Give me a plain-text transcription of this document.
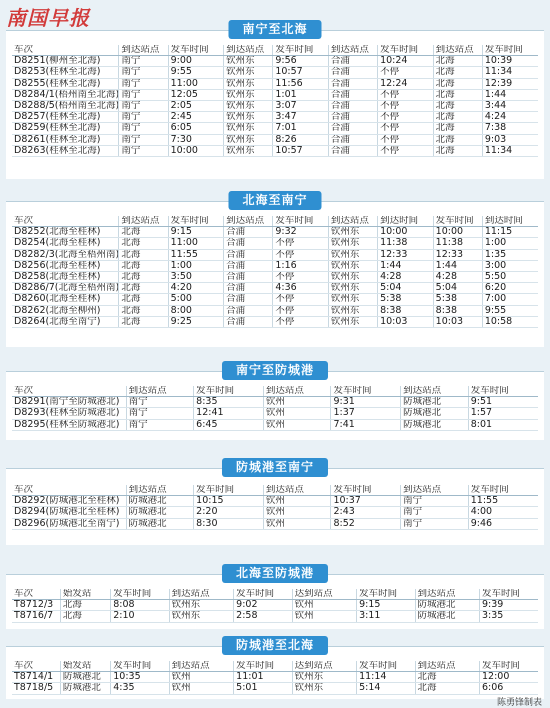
南国早报	南宁至北海
车次	到达站点	发车时间	到达站点	发车时间	到达站点	发车时间	到达站点	发车时间
D8251(柳州至北海)	南宁	9:00	钦州东	9:56	合浦	10:24	北海	10:39
D8253(桂林至北海)	南宁	9:55	钦州东	10:57	合浦	不停	北海	11:34
D8255(桂林至北海)	南宁	11:00	钦州东	11:56	合浦	12:24	北海	12:39
D8284/1(梧州南至北海)	南宁	12:05	钦州东	1:01	合浦	不停	北海	1:44
D8288/5(梧州南至北海)	南宁	2:05	钦州东	3:07	合浦	不停	北海	3:44
D8257(桂林至北海)	南宁	2:45	钦州东	3:47	合浦	不停	北海	4:24
D8259(桂林至北海)	南宁	6:05	钦州东	7:01	合浦	不停	北海	7:38
D8261(桂林至北海)	南宁	7:30	钦州东	8:26	合浦	不停	北海	9:03
D8263(桂林至北海)	南宁	10:00	钦州东	10:57	合浦	不停	北海	11:34
北海至南宁
车次	到达站点	发车时间	到达站点	发车时间	到达站点	到达时间	发车时间	到达时间
D8252(北海至桂林)	北海	9:15	合浦	9:32	钦州东	10:00	10:00	11:15
D8254(北海至桂林)	北海	11:00	合浦	不停	钦州东	11:38	11:38	1:00
D8282/3(北海至梧州南)	北海	11:55	合浦	不停	钦州东	12:33	12:33	1:35
D8256(北海至桂林)	北海	1:00	合浦	1:16	钦州东	1:44	1:44	3:00
D8258(北海至桂林)	北海	3:50	合浦	不停	钦州东	4:28	4:28	5:50
D8286/7(北海至梧州南)	北海	4:20	合浦	4:36	钦州东	5:04	5:04	6:20
D8260(北海至桂林)	北海	5:00	合浦	不停	钦州东	5:38	5:38	7:00
D8262(北海至柳州)	北海	8:00	合浦	不停	钦州东	8:38	8:38	9:55
D8264(北海至南宁)	北海	9:25	合浦	不停	钦州东	10:03	10:03	10:58
南宁至防城港
车次	到达站点	发车时间	到达站点	发车时间	到达站点	发车时间
D8291(南宁至防城港北)	南宁	8:35	钦州	9:31	防城港北	9:51
D8293(桂林至防城港北)	南宁	12:41	钦州	1:37	防城港北	1:57
D8295(桂林至防城港北)	南宁	6:45	钦州	7:41	防城港北	8:01
防城港至南宁
车次	到达站点	发车时间	到达站点	发车时间	到达站点	发车时间
D8292(防城港北至桂林)	防城港北	10:15	钦州	10:37	南宁	11:55
D8294(防城港北至桂林)	防城港北	2:20	钦州	2:43	南宁	4:00
D8296(防城港北至南宁)	防城港北	8:30	钦州	8:52	南宁	9:46
北海至防城港
车次	始发站	发车时间	到达站点	发车时间	达到站点	发车时间	到达站点	发车时间
T8712/3	北海	8:08	钦州东	9:02	钦州	9:15	防城港北	9:39
T8716/7	北海	2:10	钦州东	2:58	钦州	3:11	防城港北	3:35
防城港至北海
车次	始发站	发车时间	到达站点	发车时间	达到站点	发车时间	到达站点	发车时间
T8714/1	防城港北	10:35	钦州	11:01	钦州东	11:14	北海	12:00
T8718/5	防城港北	4:35	钦州	5:01	钦州东	5:14	北海	6:06
陈勇锋制表
